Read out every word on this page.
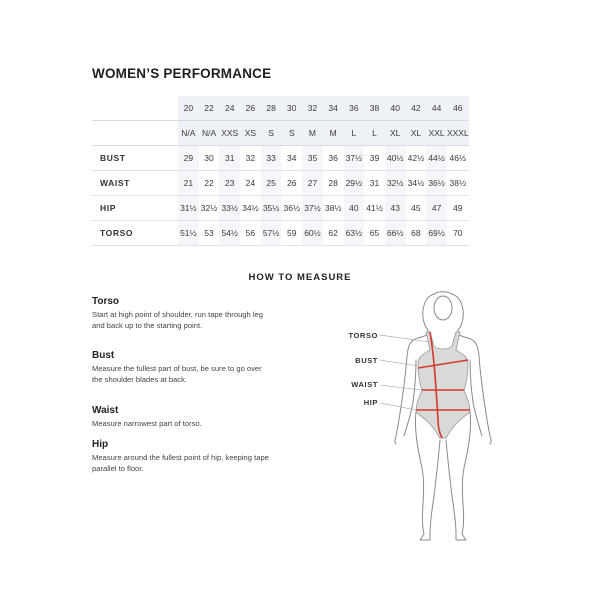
WOMEN’S PERFORMANCE
	20	22	24	26	28	30	32	34	36	38	40	42	44	46
	N/A	N/A	XXS	XS	S	S	M	M	L	L	XL	XL	XXL	XXXL
BUST	29	30	31	32	33	34	35	36	37½	39	40½	42½	44½	46½
WAIST	21	22	23	24	25	26	27	28	29½	31	32½	34½	36½	38½
HIP	31½	32½	33½	34½	35½	36½	37½	38½	40	41½	43	45	47	49
TORSO	51½	53	54½	56	57½	59	60½	62	63½	65	66½	68	69½	70
HOW TO MEASURE

Torso

Start at high point of shoulder, run tape through leg and back up to the starting point.

Bust

Measure the fullest part of bust, be sure to go over the shoulder blades at back.

Waist

Measure narrowest part of torso.

Hip

Measure around the fullest point of hip, keeping tape parallel to floor.

TORSO
BUST
WAIST
HIP
